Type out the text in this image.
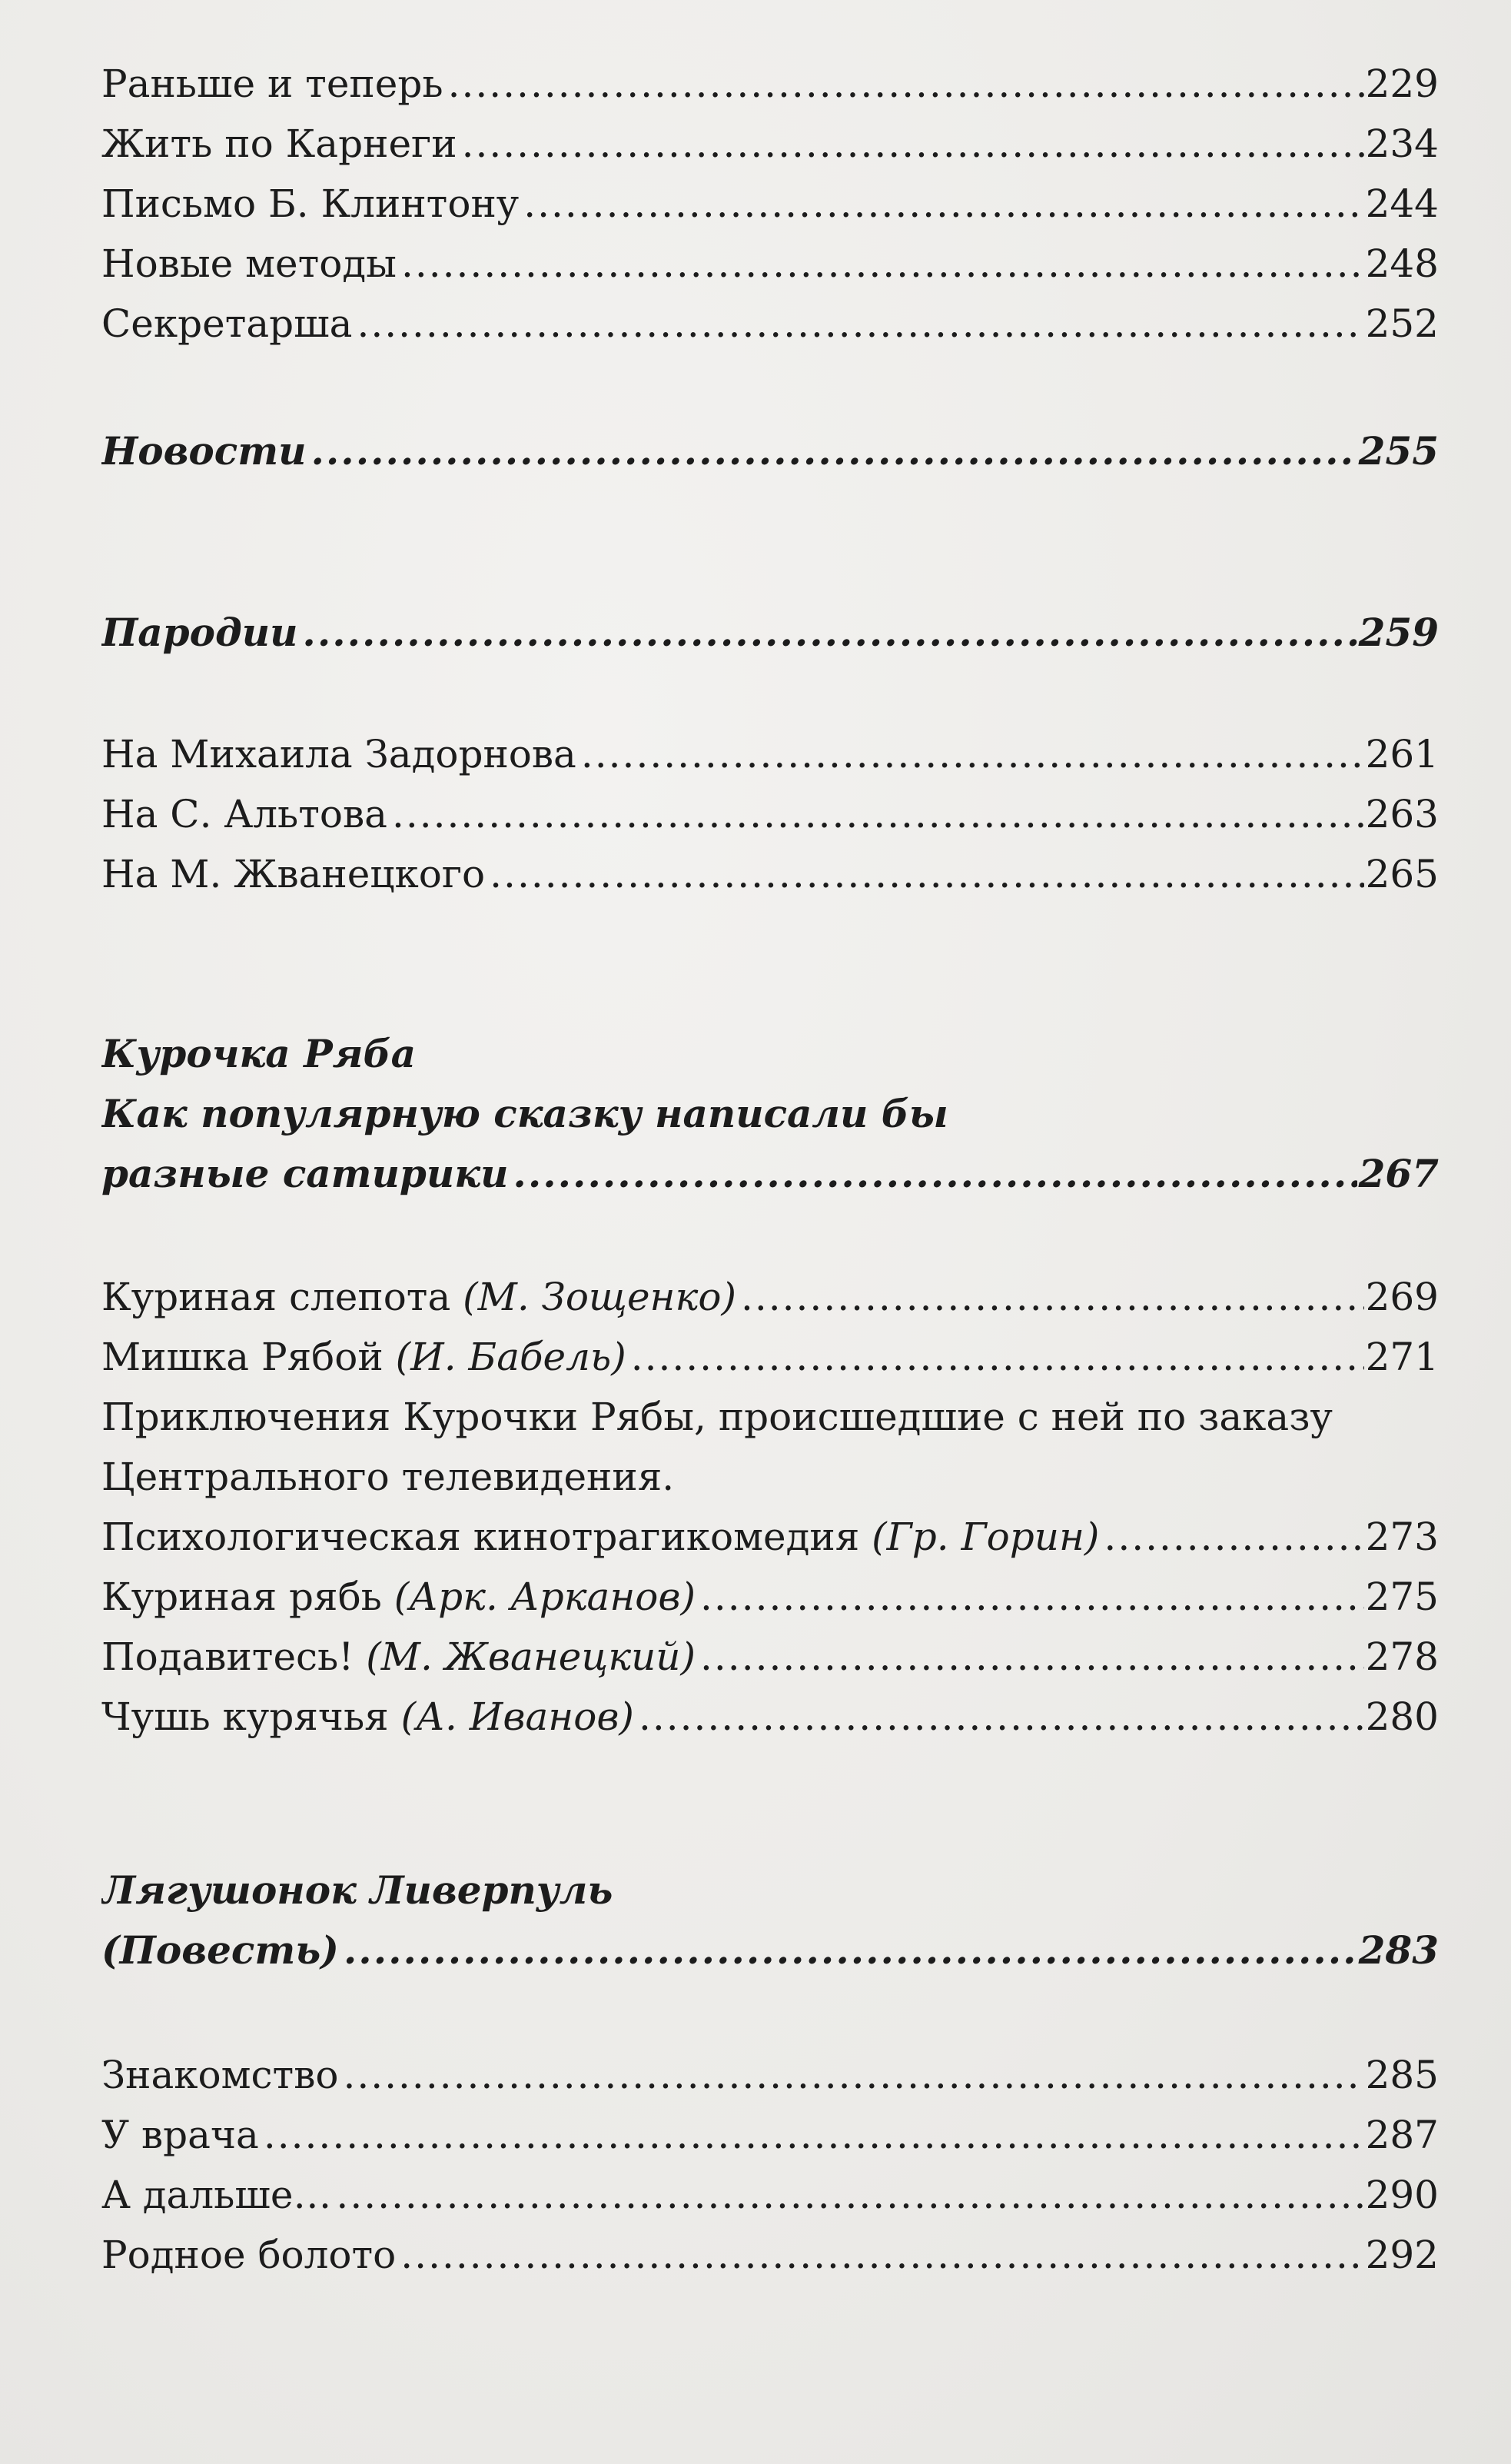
Раньше и теперь .....	229
Жить по Карнеги .....	234
Письмо Б. Клинтону .....	244
Новые методы .....	248
Секретарша .....	252
Новости .....	255
Пародии .....	259
На Михаила Задорнова .....	261
На С. Альтова .....	263
На М. Жванецкого .....	265
Курочка Ряба
Как популярную сказку написали бы
разные сатирики .....	267
Куриная слепота (М. Зощенко) .....	269
Мишка Рябой (И. Бабель) .....	271
Приключения Курочки Рябы, происшедшие с ней по заказу
Центрального телевидения.
Психологическая кинотрагикомедия (Гр. Горин) .....	273
Куриная рябь (Арк. Арканов) .....	275
Подавитесь! (М. Жванецкий) .....	278
Чушь курячья (А. Иванов) .....	280
Лягушонок Ливерпуль
(Повесть) .....	283
Знакомство .....	285
У врача .....	287
А дальше… .....	290
Родное болото .....	292
